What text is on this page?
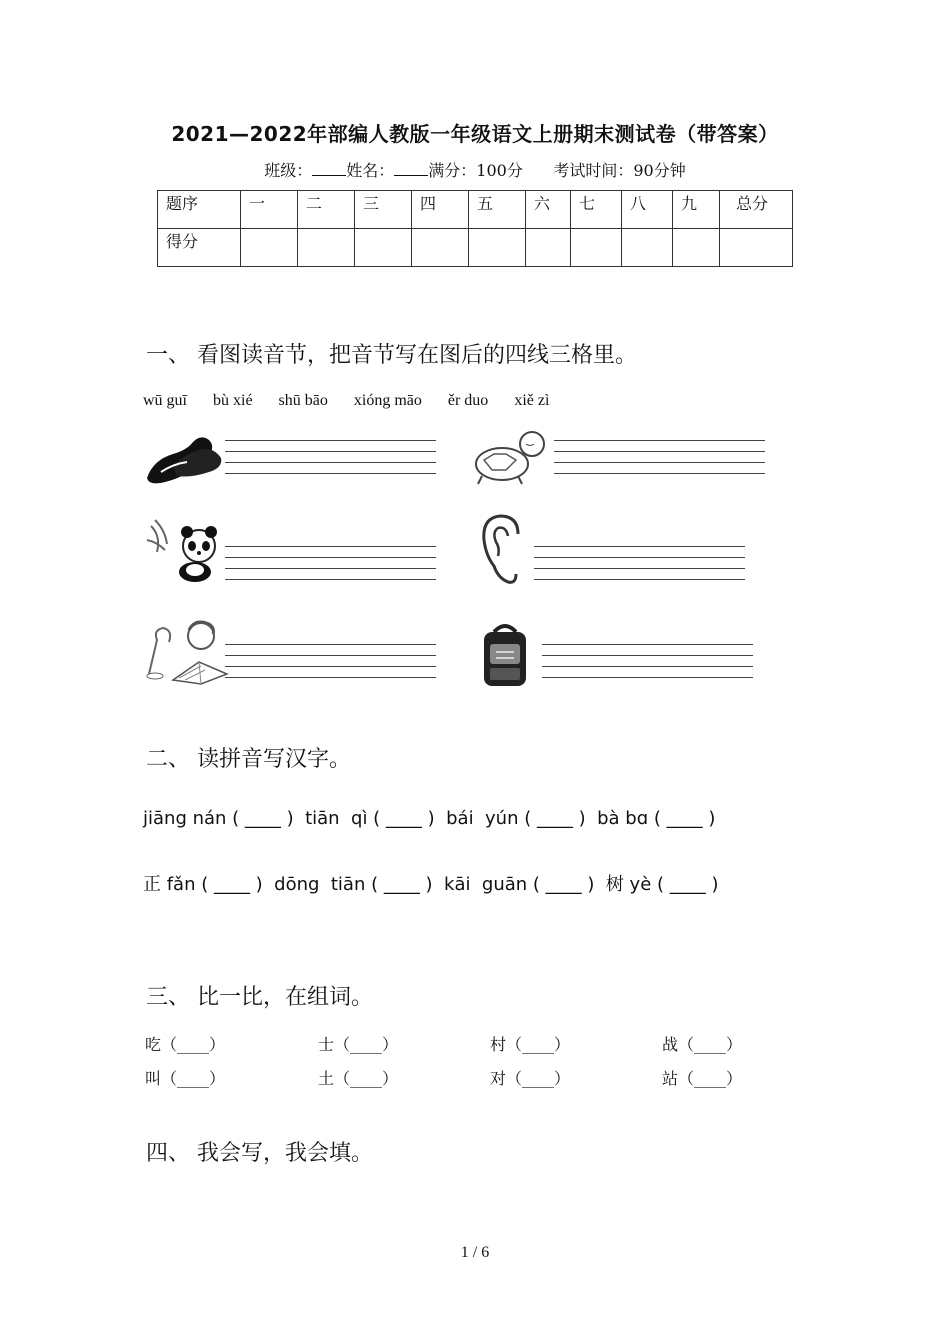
2021—2022年部编人教版一年级语文上册期末测试卷（带答案）
班级： 姓名： 满分：100分 考试时间：90分钟
题序	一	二	三	四	五	六	七	八	九	总分
得分										
一、 看图读音节，把音节写在图后的四线三格里。
wū guī bù xié shū bāo xióng māo ěr duo xiě zì
二、 读拼音写汉字。
jiāng nán ( ____ )  tiān  qì ( ____ )  bái  yún ( ____ )  bà bɑ ( ____ )
正 fǎn ( ____ )  dōng  tiān ( ____ )  kāi  guān ( ____ )  树 yè ( ____ )
三、 比一比，在组词。
吃（____）	士（____）	村（____）	战（____）
叫（____）	土（____）	对（____）	站（____）
四、 我会写，我会填。
1 / 6
